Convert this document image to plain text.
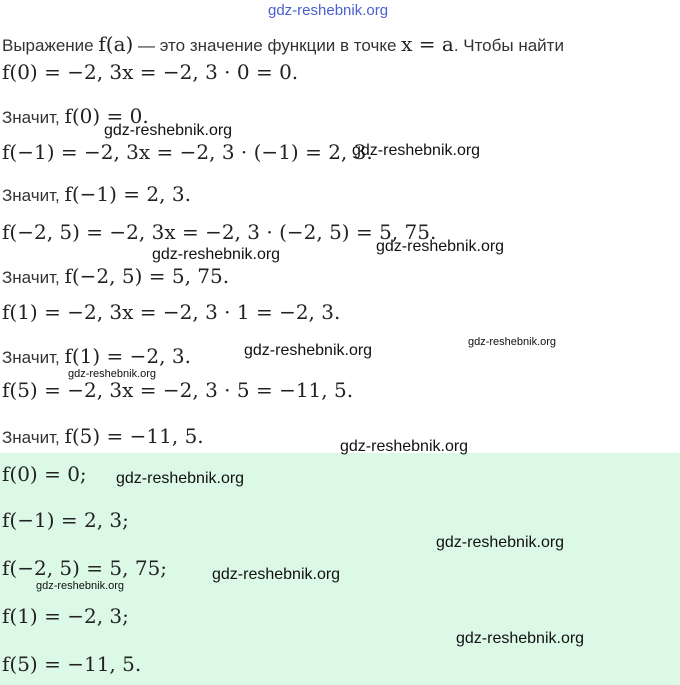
gdz-reshebnik.org
Выражение f(a) — это значение функции в точке x = a. Чтобы найти
f(0) = −2, 3x = −2, 3 · 0 = 0.
Значит, f(0) = 0.
f(−1) = −2, 3x = −2, 3 · (−1) = 2, 3.
Значит, f(−1) = 2, 3.
f(−2, 5) = −2, 3x = −2, 3 · (−2, 5) = 5, 75.
Значит, f(−2, 5) = 5, 75.
f(1) = −2, 3x = −2, 3 · 1 = −2, 3.
Значит, f(1) = −2, 3.
f(5) = −2, 3x = −2, 3 · 5 = −11, 5.
Значит, f(5) = −11, 5.
f(0) = 0;
f(−1) = 2, 3;
f(−2, 5) = 5, 75;
f(1) = −2, 3;
f(5) = −11, 5.
gdz-reshebnik.org
gdz-reshebnik.org
gdz-reshebnik.org
gdz-reshebnik.org
gdz-reshebnik.org
gdz-reshebnik.org
gdz-reshebnik.org
gdz-reshebnik.org
gdz-reshebnik.org
gdz-reshebnik.org
gdz-reshebnik.org
gdz-reshebnik.org
gdz-reshebnik.org
